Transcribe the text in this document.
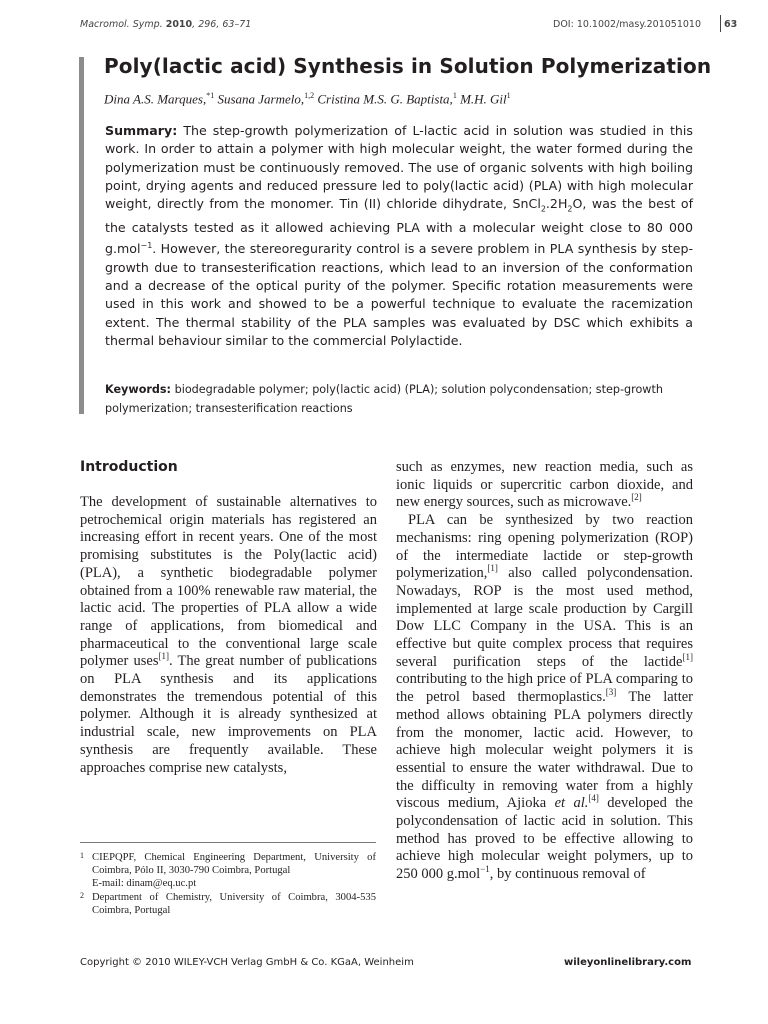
Macromol. Symp. 2010, 296, 63–71	DOI: 10.1002/masy.201051010 63
Poly(lactic acid) Synthesis in Solution Polymerization
Dina A.S. Marques,$^{*1}$ Susana Jarmelo,$^{1,2}$ Cristina M.S. G. Baptista,$^1$ M.H. Gil$^1$
Summary: The step-growth polymerization of L-lactic acid in solution was studied in this work. In order to attain a polymer with high molecular weight, the water formed during the polymerization must be continuously removed. The use of organic solvents with high boiling point, drying agents and reduced pressure led to poly(lactic acid) (PLA) with high molecular weight, directly from the monomer. Tin (II) chloride dihydrate, $SnCl_2.2H_2O$, was the best of the catalysts tested as it allowed achieving PLA with a molecular weight close to 80 000 g.mol$^{-1}$. However, the stereoregurarity control is a severe problem in PLA synthesis by step-growth due to transesterification reactions, which lead to an inversion of the conformation and a decrease of the optical purity of the polymer. Specific rotation measurements were used in this work and showed to be a powerful technique to evaluate the racemization extent. The thermal stability of the PLA samples was evaluated by DSC which exhibits a thermal behaviour similar to the commercial Polylactide.
Keywords: biodegradable polymer; poly(lactic acid) (PLA); solution polycondensation; step-growth polymerization; transesterification reactions
Introduction

The development of sustainable alternatives to petrochemical origin materials has registered an increasing effort in recent years. One of the most promising substitutes is the Poly(lactic acid) (PLA), a synthetic biodegradable polymer obtained from a 100% renewable raw material, the lactic acid. The properties of PLA allow a wide range of applications, from biomedical and pharmaceutical to the conventional large scale polymer uses[1]. The great number of publications on PLA synthesis and its applications demonstrates the tremendous potential of this polymer. Although it is already synthesized at industrial scale, new improvements on PLA synthesis are frequently available. These approaches comprise new catalysts,

such as enzymes, new reaction media, such as ionic liquids or supercritic carbon dioxide, and new energy sources, such as microwave.[2]

PLA can be synthesized by two reaction mechanisms: ring opening polymerization (ROP) of the intermediate lactide or step-growth polymerization,[1] also called polycondensation. Nowadays, ROP is the most used method, implemented at large scale production by Cargill Dow LLC Company in the USA. This is an effective but quite complex process that requires several purification steps of the lactide[1] contributing to the high price of PLA comparing to the petrol based thermoplastics.[3] The latter method allows obtaining PLA polymers directly from the monomer, lactic acid. However, to achieve high molecular weight polymers it is essential to ensure the water withdrawal. Due to the difficulty in removing water from a highly viscous medium, Ajioka et al.[4] developed the polycondensation of lactic acid in solution. This method has proved to be effective allowing to achieve high molecular weight polymers, up to 250 000 g.mol$^{-1}$, by continuous removal of

1 CIEPQPF, Chemical Engineering Department, University of Coimbra, Pólo II, 3030-790 Coimbra, Portugal
E-mail: dinam@eq.uc.pt
2 Department of Chemistry, University of Coimbra, 3004-535 Coimbra, Portugal
Copyright © 2010 WILEY-VCH Verlag GmbH & Co. KGaA, Weinheim	wileyonlinelibrary.com
